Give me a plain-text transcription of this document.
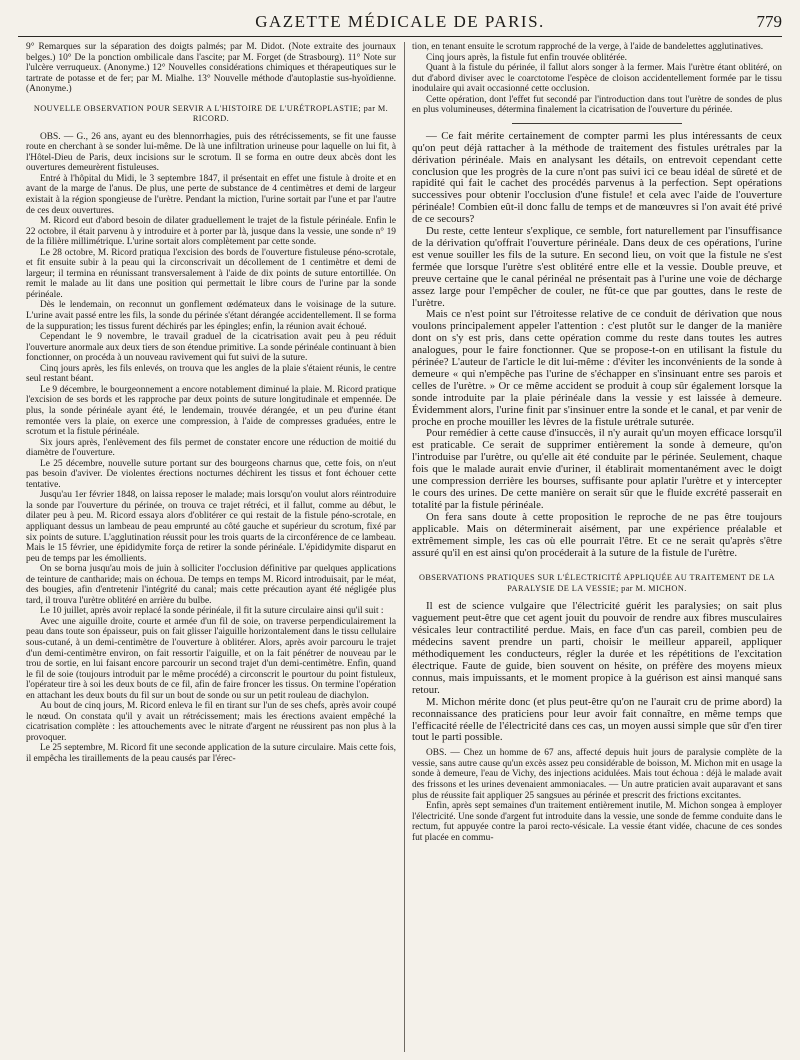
GAZETTE MÉDICALE DE PARIS.	779

9° Remarques sur la séparation des doigts palmés; par M. Didot. (Note extraite des journaux belges.) 10° De la ponction ombilicale dans l'ascite; par M. Forget (de Strasbourg). 11° Note sur l'ulcère verruqueux. (Anonyme.) 12° Nouvelles considérations chimiques et thérapeutiques sur le tartrate de potasse et de fer; par M. Mialhe. 13° Nouvelle méthode d'autoplastie sus-hyoïdienne. (Anonyme.)

NOUVELLE OBSERVATION POUR SERVIR A L'HISTOIRE DE L'URÉTROPLASTIE; par M. RICORD.

OBS. — G., 26 ans, ayant eu des blennorrhagies, puis des rétrécissements, se fit une fausse route en cherchant à se sonder lui-même. De là une infiltration urineuse pour laquelle on lui fit, à l'Hôtel-Dieu de Paris, deux incisions sur le scrotum. Il se forma en outre deux abcès dont les ouvertures demeurèrent fistuleuses.

Entré à l'hôpital du Midi, le 3 septembre 1847, il présentait en effet une fistule à droite et en avant de la marge de l'anus. De plus, une perte de substance de 4 centimètres et demi de largeur existait à la région spongieuse de l'urètre. Pendant la miction, l'urine sortait par l'une et par l'autre de ces deux ouvertures.

M. Ricord eut d'abord besoin de dilater graduellement le trajet de la fistule périnéale. Enfin le 22 octobre, il était parvenu à y introduire et à porter par là, jusque dans la vessie, une sonde n° 19 de la filière millimétrique. L'urine sortait alors complètement par cette sonde.

Le 28 octobre, M. Ricord pratiqua l'excision des bords de l'ouverture fistuleuse péno-scrotale, et fit ensuite subir à la peau qui la circonscrivait un décollement de 1 centimètre et demi de largeur; il termina en réunissant transversalement à l'aide de dix points de suture entortillée. On remit le malade au lit dans une position qui permettait le libre cours de l'urine par la sonde périnéale.

Dès le lendemain, on reconnut un gonflement œdémateux dans le voisinage de la suture. L'urine avait passé entre les fils, la sonde du périnée s'étant dérangée accidentellement. Il se forma de la suppuration; les tissus furent déchirés par les épingles; enfin, la réunion avait échoué.

Cependant le 9 novembre, le travail graduel de la cicatrisation avait peu à peu réduit l'ouverture anormale aux deux tiers de son étendue primitive. La sonde périnéale continuant à bien fonctionner, on procéda à un nouveau ravivement qui fut suivi de la suture.

Cinq jours après, les fils enlevés, on trouva que les angles de la plaie s'étaient réunis, le centre seul restant béant.

Le 9 décembre, le bourgeonnement a encore notablement diminué la plaie. M. Ricord pratique l'excision de ses bords et les rapproche par deux points de suture longitudinale et empennée. De plus, la sonde périnéale ayant été, le lendemain, trouvée dérangée, et un peu d'urine étant remontée vers la plaie, on exerce une compression, à l'aide de compresses graduées, entre le scrotum et la fistule périnéale.

Six jours après, l'enlèvement des fils permet de constater encore une réduction de moitié du diamètre de l'ouverture.

Le 25 décembre, nouvelle suture portant sur des bourgeons charnus que, cette fois, on n'eut pas besoin d'aviver. De violentes érections nocturnes déchirent les tissus et font échouer cette tentative.

Jusqu'au 1er février 1848, on laissa reposer le malade; mais lorsqu'on voulut alors réintroduire la sonde par l'ouverture du périnée, on trouva ce trajet rétréci, et il fallut, comme au début, le dilater peu à peu. M. Ricord essaya alors d'oblitérer ce qui restait de la fistule péno-scrotale, en appliquant dessus un lambeau de peau emprunté au côté gauche et supérieur du scrotum, fixé par six points de suture. L'agglutination réussit pour les trois quarts de la circonférence de ce lambeau. Mais le 15 février, une épididymite força de retirer la sonde périnéale. L'épididymite disparut en peu de temps par les émollients.

On se borna jusqu'au mois de juin à solliciter l'occlusion définitive par quelques applications de teinture de cantharide; mais on échoua. De temps en temps M. Ricord introduisait, par le méat, des bougies, afin d'entretenir l'intégrité du canal; mais cette précaution ayant été négligée plus tard, il trouva l'urètre oblitéré en arrière du bulbe.

Le 10 juillet, après avoir replacé la sonde périnéale, il fit la suture circulaire ainsi qu'il suit :

Avec une aiguille droite, courte et armée d'un fil de soie, on traverse perpendiculairement la peau dans toute son épaisseur, puis on fait glisser l'aiguille horizontalement dans le tissu cellulaire sous-cutané, à un demi-centimètre de l'ouverture à oblitérer. Alors, après avoir parcouru le trajet d'un demi-centimètre environ, on fait ressortir l'aiguille, et on la fait pénétrer de nouveau par le trou de sortie, en lui faisant encore parcourir un second trajet d'un demi-centimètre. Enfin, quand le fil de soie (toujours introduit par le même procédé) a circonscrit le pourtour du point fistuleux, l'opérateur tire à soi les deux bouts de ce fil, afin de faire froncer les tissus. On termine l'opération en attachant les deux bouts du fil sur un bout de sonde ou sur un petit rouleau de diachylon.

Au bout de cinq jours, M. Ricord enleva le fil en tirant sur l'un de ses chefs, après avoir coupé le nœud. On constata qu'il y avait un rétrécissement; mais les érections avaient empêché la cicatrisation complète : les attouchements avec le nitrate d'argent ne réussirent pas non plus à la provoquer.

Le 25 septembre, M. Ricord fit une seconde application de la suture circulaire. Mais cette fois, il empêcha les tiraillements de la peau causés par l'érec-

tion, en tenant ensuite le scrotum rapproché de la verge, à l'aide de bandelettes agglutinatives.

Cinq jours après, la fistule fut enfin trouvée oblitérée.

Quant à la fistule du périnée, il fallut alors songer à la fermer. Mais l'urètre étant oblitéré, on dut d'abord diviser avec le coarctotome l'espèce de cloison accidentellement formée par le tissu inodulaire qui avait occasionné cette occlusion.

Cette opération, dont l'effet fut secondé par l'introduction dans tout l'urètre de sondes de plus en plus volumineuses, détermina finalement la cicatrisation de l'ouverture du périnée.

— Ce fait mérite certainement de compter parmi les plus intéressants de ceux qu'on peut déjà rattacher à la méthode de traitement des fistules urétrales par la dérivation périnéale. Mais en analysant les détails, on entrevoit cependant cette conclusion que les progrès de la cure n'ont pas suivi ici ce beau idéal de sûreté et de rapidité qui fait le cachet des procédés parvenus à la perfection. Sept opérations successives pour obtenir l'occlusion d'une fistule! et cela avec l'aide de l'ouverture périnéale! Combien eût-il donc fallu de temps et de manœuvres si l'on avait été privé de ce secours?

Du reste, cette lenteur s'explique, ce semble, fort naturellement par l'insuffisance de la dérivation qu'offrait l'ouverture périnéale. Dans deux de ces opérations, l'urine est venue souiller les fils de la suture. En second lieu, on voit que la fistule ne s'est fermée que lorsque l'urètre s'est oblitéré entre elle et la vessie. Double preuve, et preuve certaine que le canal périnéal ne présentait pas à l'urine une voie de décharge assez large pour l'empêcher de couler, ne fût-ce que par gouttes, dans le reste de l'urètre.

Mais ce n'est point sur l'étroitesse relative de ce conduit de dérivation que nous voulons principalement appeler l'attention : c'est plutôt sur le danger de la manière dont on s'y est pris, dans cette opération comme du reste dans toutes les autres analogues, pour le faire fonctionner. Que se propose-t-on en utilisant la fistule du périnée? L'auteur de l'article le dit lui-même : d'éviter les inconvénients de la sonde à demeure « qui n'empêche pas l'urine de s'échapper en s'insinuant entre ses parois et celles de l'urètre. » Or ce même accident se produit à coup sûr également lorsque la sonde introduite par la plaie périnéale dans la vessie y est laissée à demeure. Évidemment alors, l'urine finit par s'insinuer entre la sonde et le canal, et par venir de proche en proche mouiller les lèvres de la fistule urétrale suturée.

Pour remédier à cette cause d'insuccès, il n'y aurait qu'un moyen efficace lorsqu'il est praticable. Ce serait de supprimer entièrement la sonde à demeure, qu'on l'introduise par l'urètre, ou qu'elle ait été conduite par le périnée. Seulement, chaque fois que le malade aurait envie d'uriner, il établirait momentanément avec le doigt une compression derrière les bourses, suffisante pour aplatir l'urètre et y intercepter le cours des urines. De cette manière on serait sûr que le fluide excrété passerait en totalité par la fistule périnéale.

On fera sans doute à cette proposition le reproche de ne pas être toujours applicable. Mais on déterminerait aisément, par une expérience préalable et extrêmement simple, les cas où elle pourrait l'être. Et ce ne serait qu'après s'être assuré qu'il en est ainsi qu'on procéderait à la suture de la fistule de l'urètre.

OBSERVATIONS PRATIQUES SUR L'ÉLECTRICITÉ APPLIQUÉE AU TRAITEMENT DE LA PARALYSIE DE LA VESSIE; par M. MICHON.

Il est de science vulgaire que l'électricité guérit les paralysies; on sait plus vaguement peut-être que cet agent jouit du pouvoir de rendre aux fibres musculaires vésicales leur contractilité perdue. Mais, en face d'un cas pareil, combien peu de médecins savent prendre un parti, choisir le meilleur appareil, appliquer méthodiquement les conducteurs, régler la durée et les répétitions de l'excitation électrique. Faute de guide, bien souvent on hésite, on préfère des moyens mieux connus, mais impuissants, et le moment propice à la guérison est ainsi manqué sans retour.

M. Michon mérite donc (et plus peut-être qu'on ne l'aurait cru de prime abord) la reconnaissance des praticiens pour leur avoir fait connaître, en même temps que l'efficacité réelle de l'électricité dans ces cas, un moyen aussi simple que sûr d'en tirer tout le parti possible.

OBS. — Chez un homme de 67 ans, affecté depuis huit jours de paralysie complète de la vessie, sans autre cause qu'un excès assez peu considérable de boisson, M. Michon mit en usage la sonde à demeure, l'eau de Vichy, des injections acidulées. Mais tout échoua : déjà le malade avait des frissons et les urines devenaient ammoniacales. — Un autre praticien avait auparavant et sans plus de réussite fait appliquer 25 sangsues au périnée et prescrit des frictions excitantes.

Enfin, après sept semaines d'un traitement entièrement inutile, M. Michon songea à employer l'électricité. Une sonde d'argent fut introduite dans la vessie, une sonde de femme conduite dans le rectum, fut appuyée contre la paroi recto-vésicale. La vessie étant vidée, chacune de ces sondes fut placée en commu-
